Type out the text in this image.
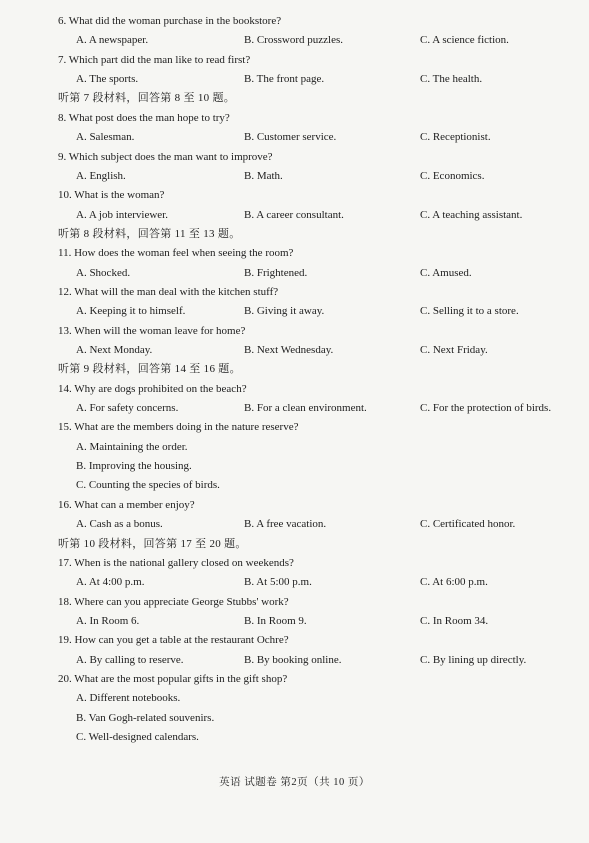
6. What did the woman purchase in the bookstore?
A. A newspaper.	B. Crossword puzzles.	C. A science fiction.
7. Which part did the man like to read first?
A. The sports.	B. The front page.	C. The health.
听第 7 段材料，回答第 8 至 10 题。
8. What post does the man hope to try?
A. Salesman.	B. Customer service.	C. Receptionist.
9. Which subject does the man want to improve?
A. English.	B. Math.	C. Economics.
10. What is the woman?
A. A job interviewer.	B. A career consultant.	C. A teaching assistant.
听第 8 段材料，回答第 11 至 13 题。
11. How does the woman feel when seeing the room?
A. Shocked.	B. Frightened.	C. Amused.
12. What will the man deal with the kitchen stuff?
A. Keeping it to himself.	B. Giving it away.	C. Selling it to a store.
13. When will the woman leave for home?
A. Next Monday.	B. Next Wednesday.	C. Next Friday.
听第 9 段材料，回答第 14 至 16 题。
14. Why are dogs prohibited on the beach?
A. For safety concerns.	B. For a clean environment.	C. For the protection of birds.
15. What are the members doing in the nature reserve?
A. Maintaining the order.
B. Improving the housing.
C. Counting the species of birds.
16. What can a member enjoy?
A. Cash as a bonus.	B. A free vacation.	C. Certificated honor.
听第 10 段材料，回答第 17 至 20 题。
17. When is the national gallery closed on weekends?
A. At 4:00 p.m.	B. At 5:00 p.m.	C. At 6:00 p.m.
18. Where can you appreciate George Stubbs' work?
A. In Room 6.	B. In Room 9.	C. In Room 34.
19. How can you get a table at the restaurant Ochre?
A. By calling to reserve.	B. By booking online.	C. By lining up directly.
20. What are the most popular gifts in the gift shop?
A. Different notebooks.
B. Van Gogh-related souvenirs.
C. Well-designed calendars.
英语 试题卷 第2页（共 10 页）
